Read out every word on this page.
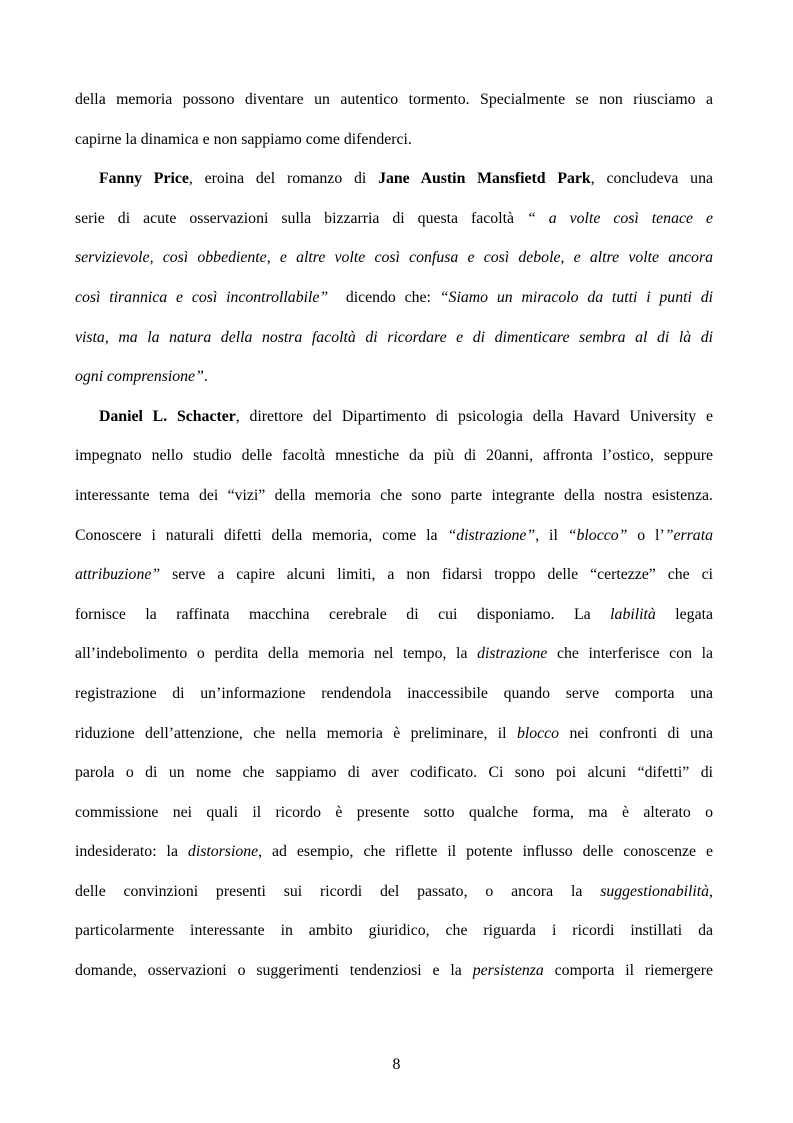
della memoria possono diventare un autentico tormento. Specialmente se non riusciamo a
capirne la dinamica e non sappiamo come difenderci.
Fanny Price, eroina del romanzo di Jane Austin Mansfietd Park, concludeva una
serie di acute osservazioni sulla bizzarria di questa facoltà “ a volte così tenace e
servizievole, così obbediente, e altre volte così confusa e così debole, e altre volte ancora
così tirannica e così incontrollabile”  dicendo che: “Siamo un miracolo da tutti i punti di
vista, ma la natura della nostra facoltà di ricordare e di dimenticare sembra al di là di
ogni comprensione”.
Daniel L. Schacter, direttore del Dipartimento di psicologia della Havard University e
impegnato nello studio delle facoltà mnestiche da più di 20anni, affronta l’ostico, seppure
interessante tema dei “vizi” della memoria che sono parte integrante della nostra esistenza.
Conoscere i naturali difetti della memoria, come la “distrazione”, il “blocco” o l’”errata
attribuzione” serve a capire alcuni limiti, a non fidarsi troppo delle “certezze” che ci
fornisce la raffinata macchina cerebrale di cui disponiamo. La labilità legata
all’indebolimento o perdita della memoria nel tempo, la distrazione che interferisce con la
registrazione di un’informazione rendendola inaccessibile quando serve comporta una
riduzione dell’attenzione, che nella memoria è preliminare, il blocco nei confronti di una
parola o di un nome che sappiamo di aver codificato. Ci sono poi alcuni “difetti” di
commissione nei quali il ricordo è presente sotto qualche forma, ma è alterato o
indesiderato: la distorsione, ad esempio, che riflette il potente influsso delle conoscenze e
delle convinzioni presenti sui ricordi del passato, o ancora la suggestionabilità,
particolarmente interessante in ambito giuridico, che riguarda i ricordi instillati da
domande, osservazioni o suggerimenti tendenziosi e la persistenza comporta il riemergere
8
